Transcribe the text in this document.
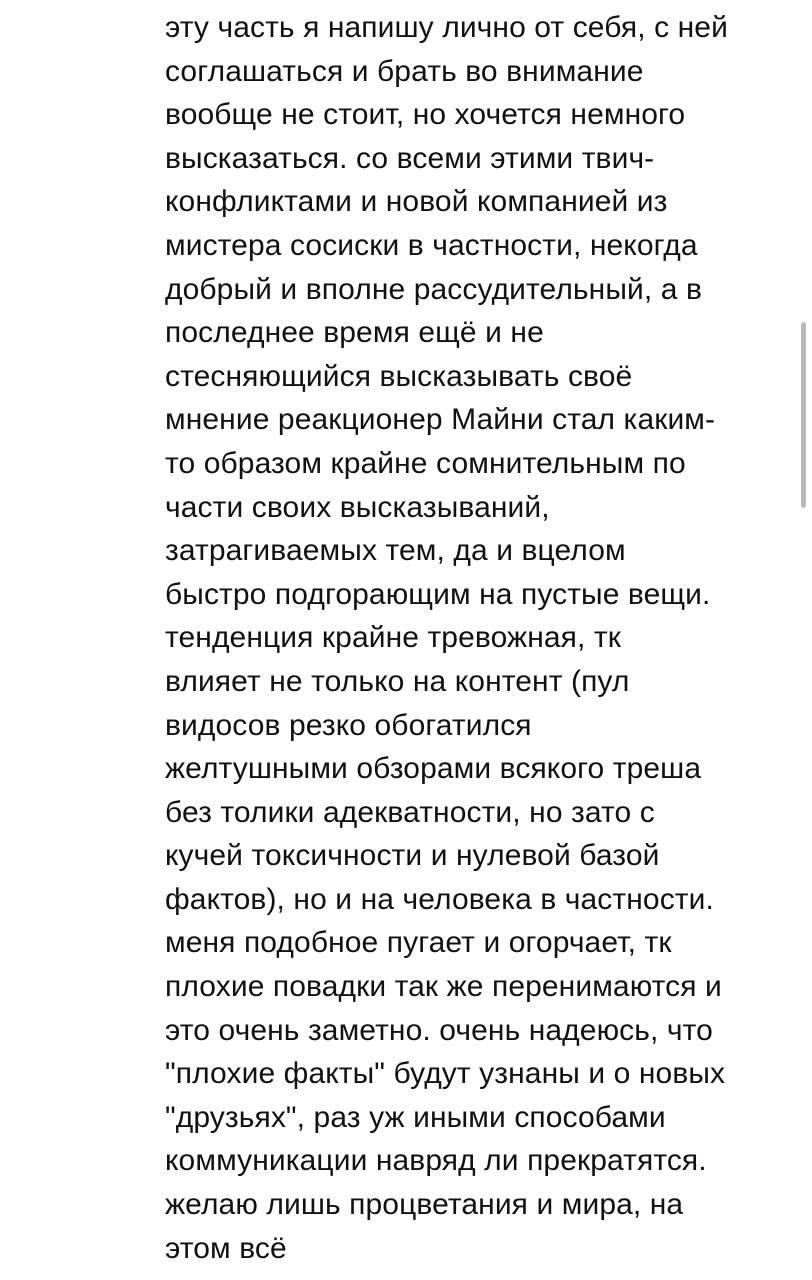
эту часть я напишу лично от себя, с ней
соглашаться и брать во внимание
вообще не стоит, но хочется немного
высказаться. со всеми этими твич-
конфликтами и новой компанией из
мистера сосиски в частности, некогда
добрый и вполне рассудительный, а в
последнее время ещё и не
стесняющийся высказывать своё
мнение реакционер Майни стал каким-
то образом крайне сомнительным по
части своих высказываний,
затрагиваемых тем, да и вцелом
быстро подгорающим на пустые вещи.
тенденция крайне тревожная, тк
влияет не только на контент (пул
видосов резко обогатился
желтушными обзорами всякого треша
без толики адекватности, но зато с
кучей токсичности и нулевой базой
фактов), но и на человека в частности.
меня подобное пугает и огорчает, тк
плохие повадки так же перенимаются и
это очень заметно. очень надеюсь, что
"плохие факты" будут узнаны и о новых
"друзьях", раз уж иными способами
коммуникации навряд ли прекратятся.
желаю лишь процветания и мира, на
этом всё
